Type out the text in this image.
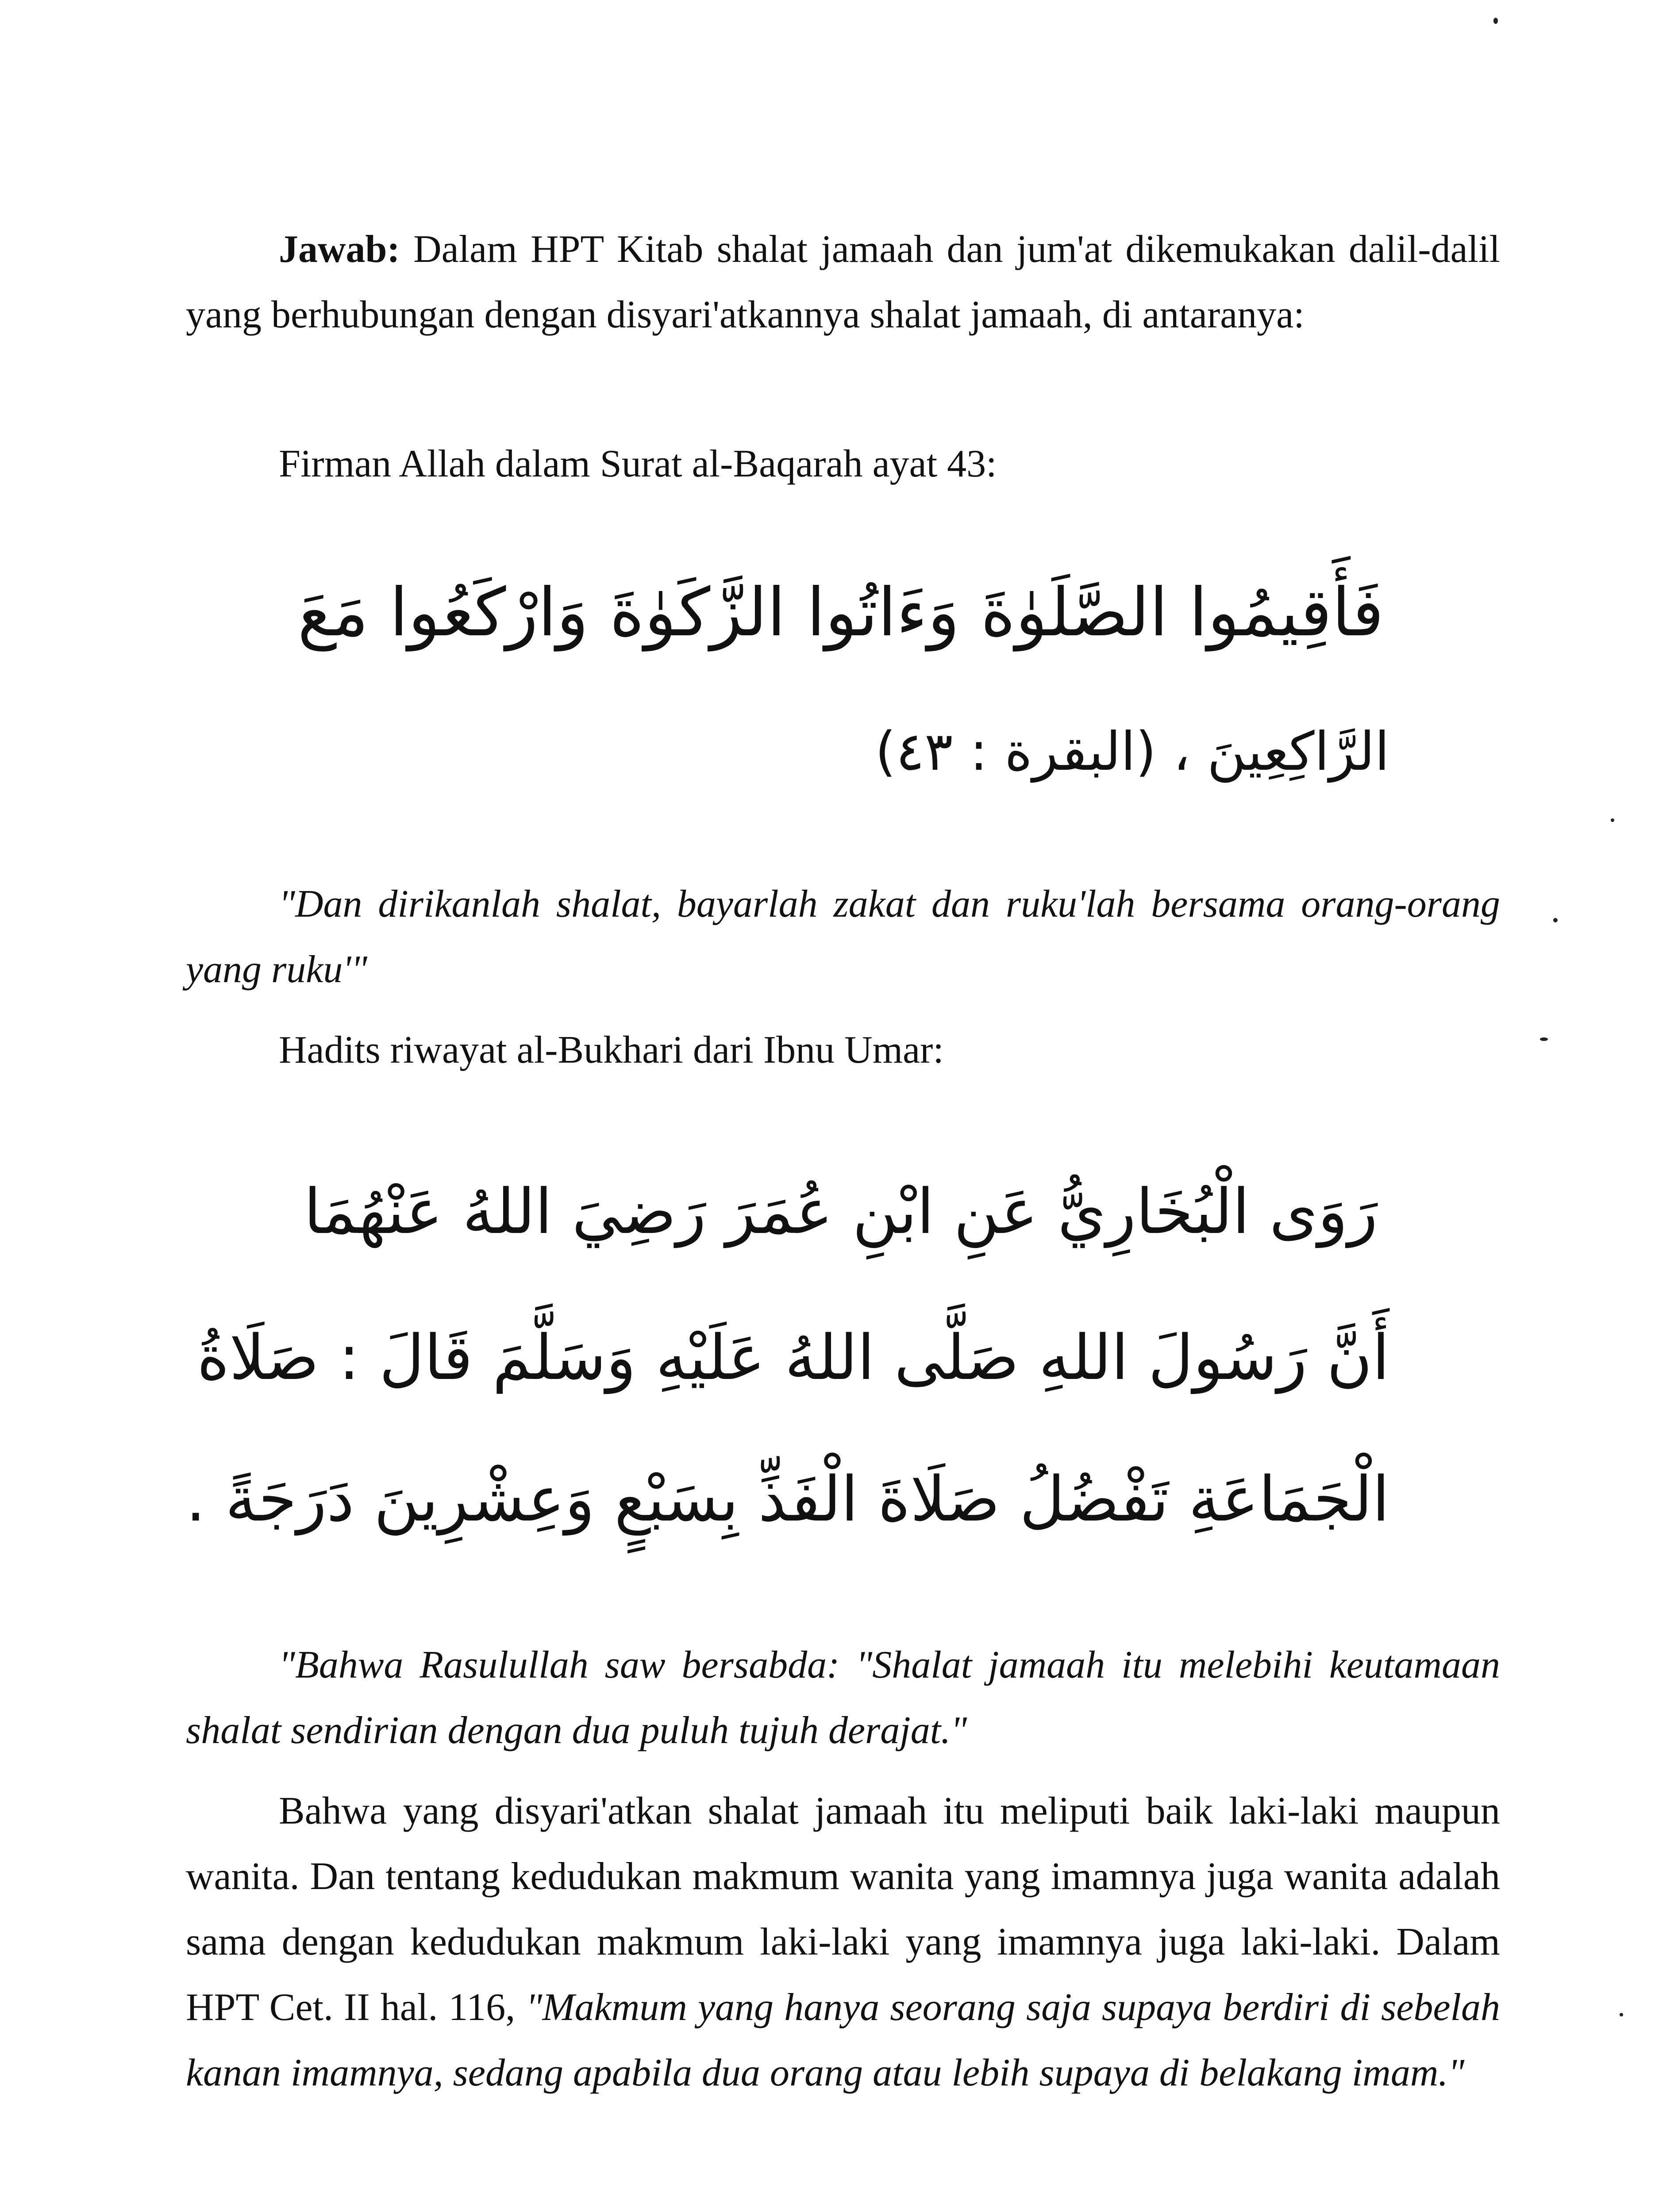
Jawab: Dalam HPT Kitab shalat jamaah dan jum'at dikemukakan dalil-dalil yang berhubungan dengan disyari'atkannya shalat jamaah, di antaranya:
Firman Allah dalam Surat al-Baqarah ayat 43:
فَأَقِيمُوا الصَّلَوٰةَ وَءَاتُوا الزَّكَوٰةَ وَارْكَعُوا مَعَ
الرَّاكِعِينَ ، (البقرة : ٤٣)
"Dan dirikanlah shalat, bayarlah zakat dan ruku'lah bersama orang-orang yang ruku'"
Hadits riwayat al-Bukhari dari Ibnu Umar:
رَوَى الْبُخَارِيُّ عَنِ ابْنِ عُمَرَ رَضِيَ اللهُ عَنْهُمَا
أَنَّ رَسُولَ اللهِ صَلَّى اللهُ عَلَيْهِ وَسَلَّمَ قَالَ : صَلَاةُ
الْجَمَاعَةِ تَفْضُلُ صَلَاةَ الْفَذِّ بِسَبْعٍ وَعِشْرِينَ دَرَجَةً .
"Bahwa Rasulullah saw bersabda: "Shalat jamaah itu melebihi keutamaan shalat sendirian dengan dua puluh tujuh derajat."
Bahwa yang disyari'atkan shalat jamaah itu meliputi baik laki-laki maupun wanita. Dan tentang kedudukan makmum wanita yang imamnya juga wanita adalah sama dengan kedudukan makmum laki-laki yang imamnya juga laki-laki. Dalam HPT Cet. II hal. 116, "Makmum yang hanya seorang saja supaya berdiri di sebelah kanan imamnya, sedang apabila dua orang atau lebih supaya di belakang imam."
